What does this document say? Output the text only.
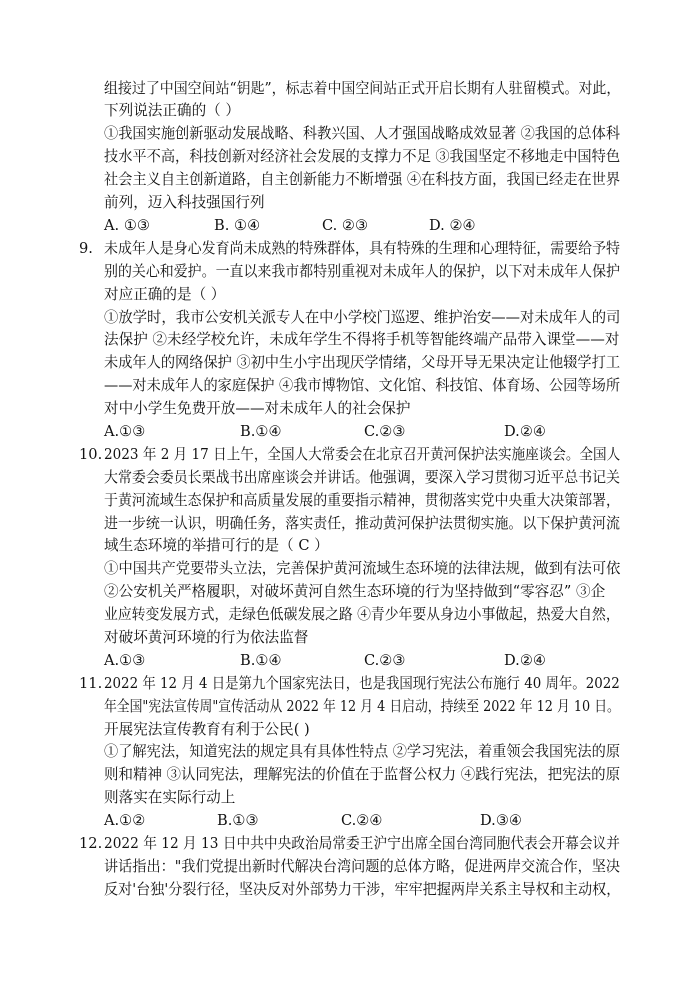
组接过了中国空间站“钥匙”，标志着中国空间站正式开启长期有人驻留模式。对此，
下列说法正确的（ ）
①我国实施创新驱动发展战略、科教兴国、人才强国战略成效显著 ②我国的总体科
技水平不高，科技创新对经济社会发展的支撑力不足 ③我国坚定不移地走中国特色
社会主义自主创新道路，自主创新能力不断增强 ④在科技方面，我国已经走在世界
前列，迈入科技强国行列
A. ①③	B. ①④	C. ②③	D. ②④
9. 未成年人是身心发育尚未成熟的特殊群体，具有特殊的生理和心理特征，需要给予特
别的关心和爱护。一直以来我市都特别重视对未成年人的保护，以下对未成年人保护
对应正确的是（ ）
①放学时，我市公安机关派专人在中小学校门巡逻、维护治安——对未成年人的司
法保护 ②未经学校允许，未成年学生不得将手机等智能终端产品带入课堂——对
未成年人的网络保护 ③初中生小宇出现厌学情绪，父母开导无果决定让他辍学打工
——对未成年人的家庭保护 ④我市博物馆、文化馆、科技馆、体育场、公园等场所
对中小学生免费开放——对未成年人的社会保护
A.①③	B.①④	C.②③	D.②④
10. 2023 年 2 月 17 日上午，全国人大常委会在北京召开黄河保护法实施座谈会。全国人
大常委会委员长栗战书出席座谈会并讲话。他强调，要深入学习贯彻习近平总书记关
于黄河流域生态保护和高质量发展的重要指示精神，贯彻落实党中央重大决策部署，
进一步统一认识，明确任务，落实责任，推动黄河保护法贯彻实施。以下保护黄河流
域生态环境的举措可行的是（ C ）
①中国共产党要带头立法，完善保护黄河流域生态环境的法律法规，做到有法可依
②公安机关严格履职，对破坏黄河自然生态环境的行为坚持做到“零容忍” ③企
业应转变发展方式，走绿色低碳发展之路 ④青少年要从身边小事做起，热爱大自然，
对破坏黄河环境的行为依法监督
A.①③	B.①④	C.②③	D.②④
11. 2022 年 12 月 4 日是第九个国家宪法日，也是我国现行宪法公布施行 40 周年。2022
年全国"宪法宣传周"宣传活动从 2022 年 12 月 4 日启动，持续至 2022 年 12 月 10 日。
开展宪法宣传教育有利于公民( )
①了解宪法，知道宪法的规定具有具体性特点 ②学习宪法，着重领会我国宪法的原
则和精神 ③认同宪法，理解宪法的价值在于监督公权力 ④践行宪法，把宪法的原
则落实在实际行动上
A.①②	B.①③	C.②④	D.③④
12. 2022 年 12 月 13 日中共中央政治局常委王沪宁出席全国台湾同胞代表会开幕会议并
讲话指出："我们党提出新时代解决台湾问题的总体方略，促进两岸交流合作，坚决
反对'台独'分裂行径，坚决反对外部势力干涉，牢牢把握两岸关系主导权和主动权，
